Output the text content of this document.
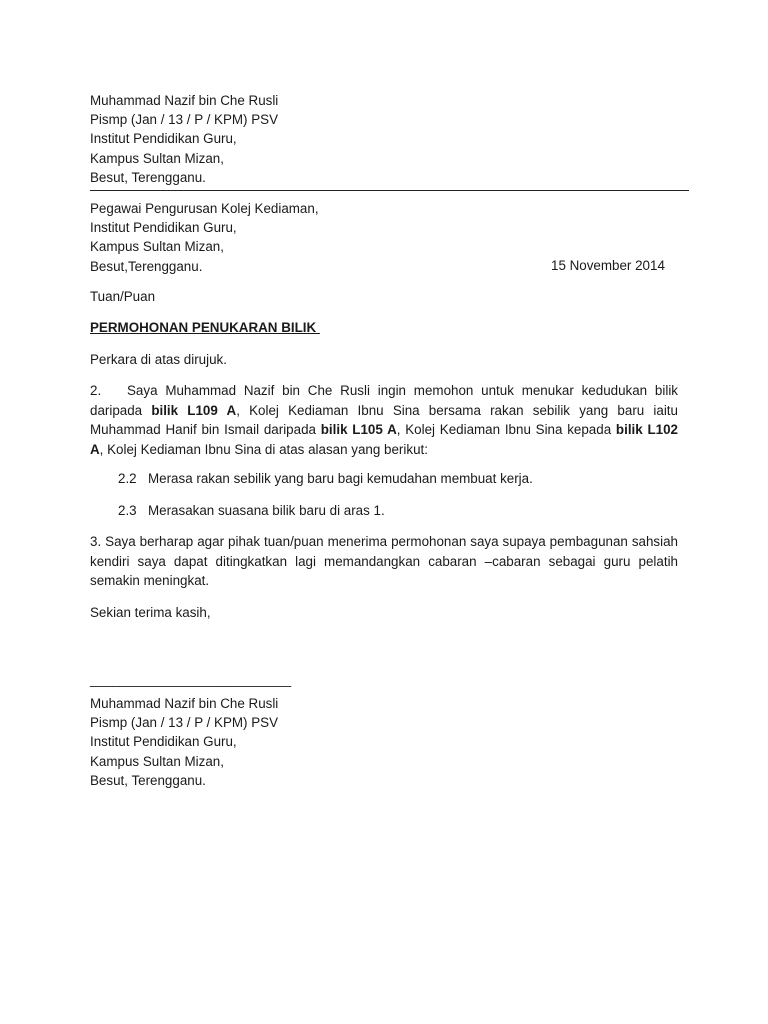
Muhammad Nazif bin Che Rusli
Pismp (Jan / 13 / P / KPM) PSV
Institut Pendidikan Guru,
Kampus Sultan Mizan,
Besut, Terengganu.
Pegawai Pengurusan Kolej Kediaman,
Institut Pendidikan Guru,
Kampus Sultan Mizan,
Besut,Terengganu.	15 November 2014
Tuan/Puan
PERMOHONAN PENUKARAN BILIK
Perkara di atas dirujuk.
2. Saya Muhammad Nazif bin Che Rusli ingin memohon untuk menukar kedudukan bilik daripada bilik L109 A, Kolej Kediaman Ibnu Sina bersama rakan sebilik yang baru iaitu Muhammad Hanif bin Ismail daripada bilik L105 A, Kolej Kediaman Ibnu Sina kepada bilik L102 A, Kolej Kediaman Ibnu Sina di atas alasan yang berikut:
2.2 Merasa rakan sebilik yang baru bagi kemudahan membuat kerja.
2.3 Merasakan suasana bilik baru di aras 1.
3. Saya berharap agar pihak tuan/puan menerima permohonan saya supaya pembagunan sahsiah kendiri saya dapat ditingkatkan lagi memandangkan cabaran –cabaran sebagai guru pelatih semakin meningkat.
Sekian terima kasih,
___________________________
Muhammad Nazif bin Che Rusli
Pismp (Jan / 13 / P / KPM) PSV
Institut Pendidikan Guru,
Kampus Sultan Mizan,
Besut, Terengganu.
